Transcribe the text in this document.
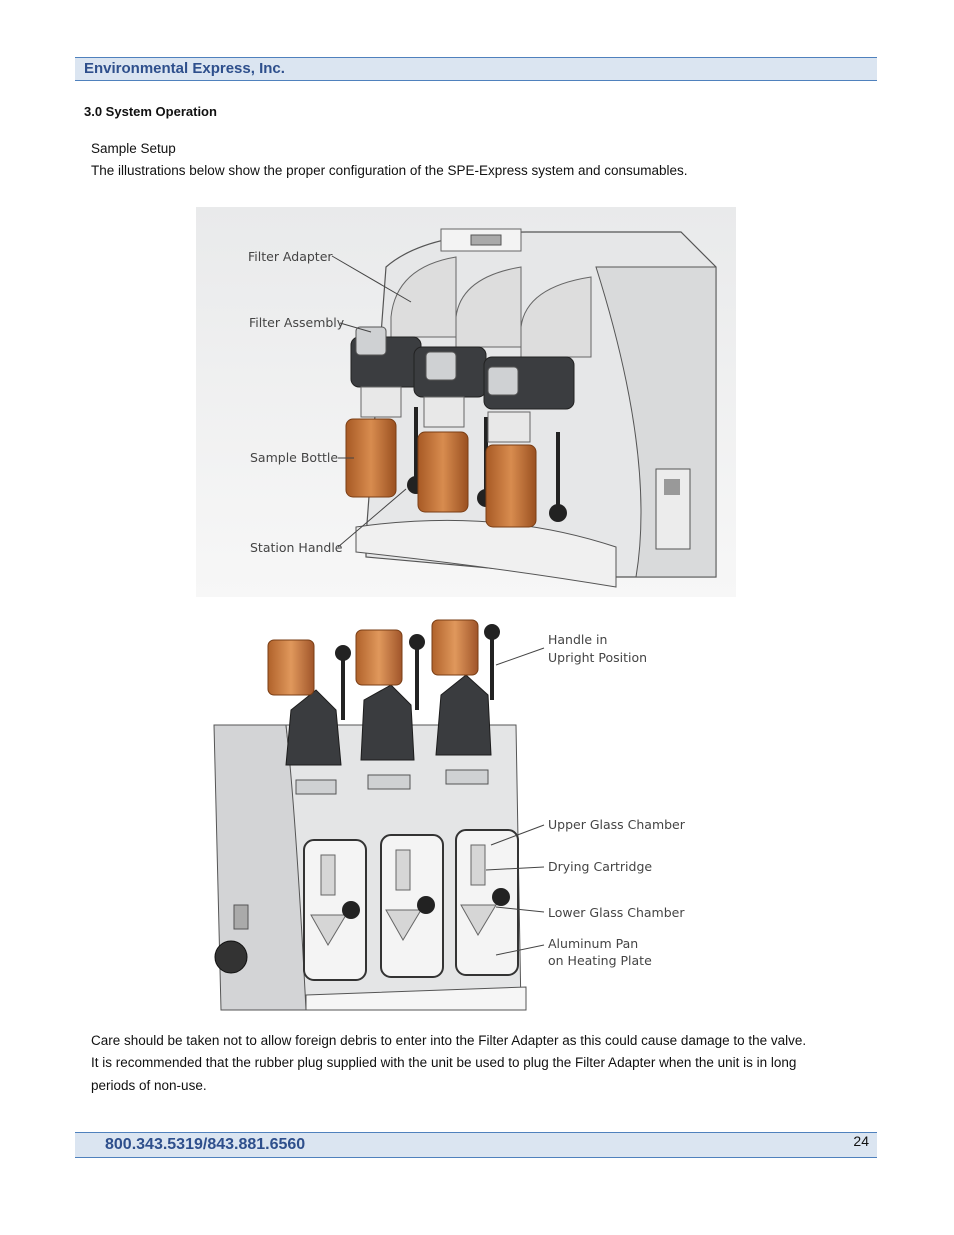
Environmental Express, Inc.
3.0 System Operation
Sample Setup
The illustrations below show the proper configuration of the SPE-Express system and consumables.
Filter Adapter
Filter Assembly
Sample Bottle
Station Handle
Handle in
Upright Position
Upper Glass Chamber
Drying Cartridge
Lower Glass Chamber
Aluminum Pan
on Heating Plate
Care should be taken not to allow foreign debris to enter into the Filter Adapter as this could cause damage to the valve.
It is recommended that the rubber plug supplied with the unit be used to plug the Filter Adapter when the unit is in long
periods of non-use.
800.343.5319/843.881.6560	24
